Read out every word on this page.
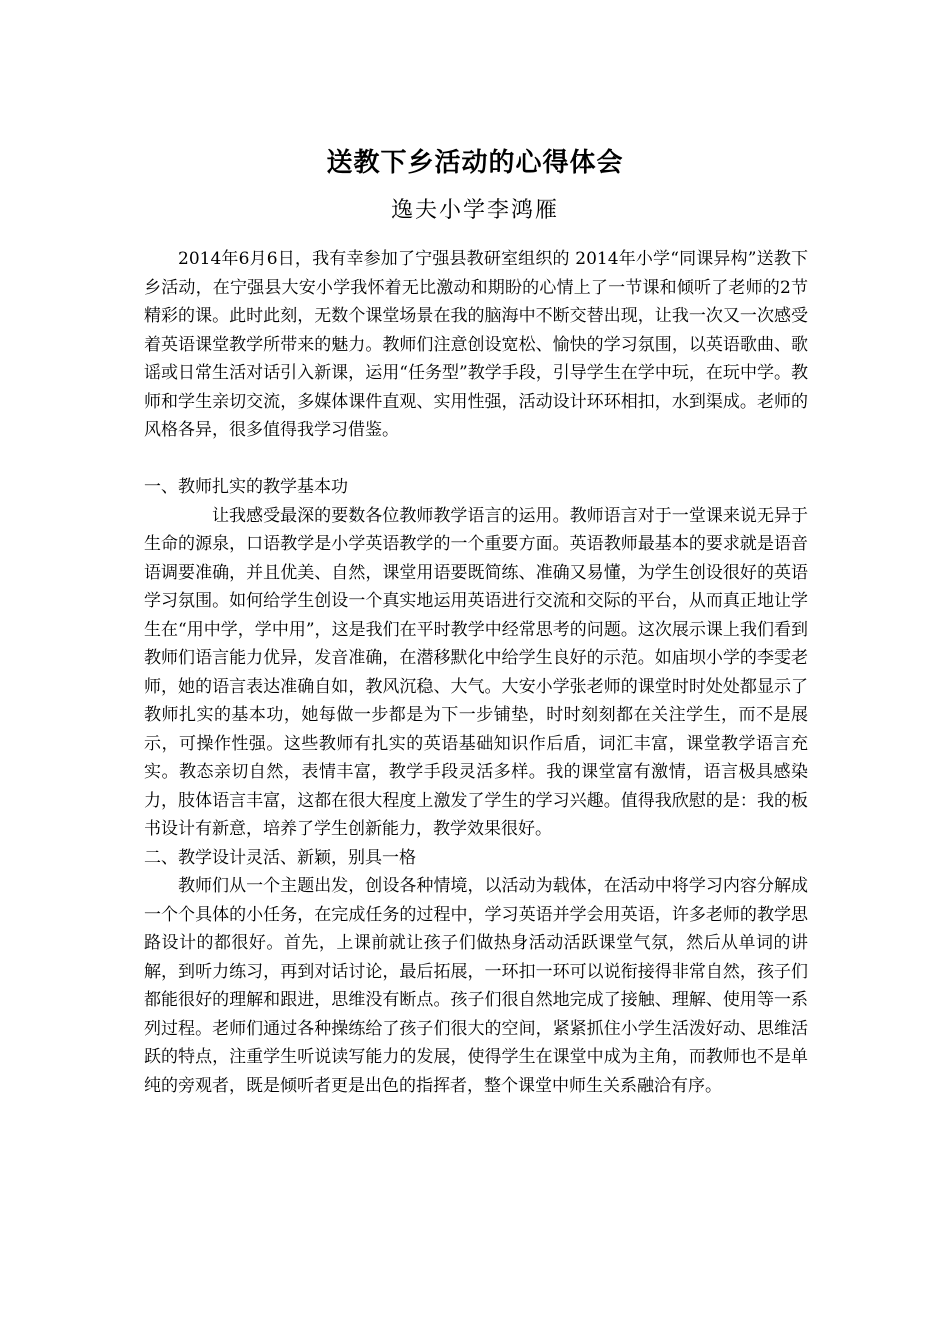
送教下乡活动的心得体会
逸夫小学李鸿雁

2014年6月6日，我有幸参加了宁强县教研室组织的 2014年小学“同课异构”送教下乡活动，在宁强县大安小学我怀着无比激动和期盼的心情上了一节课和倾听了老师的2节精彩的课。此时此刻，无数个课堂场景在我的脑海中不断交替出现，让我一次又一次感受着英语课堂教学所带来的魅力。教师们注意创设宽松、愉快的学习氛围，以英语歌曲、歌谣或日常生活对话引入新课，运用“任务型”教学手段，引导学生在学中玩，在玩中学。教师和学生亲切交流，多媒体课件直观、实用性强，活动设计环环相扣，水到渠成。老师的风格各异，很多值得我学习借鉴。

一、教师扎实的教学基本功

让我感受最深的要数各位教师教学语言的运用。教师语言对于一堂课来说无异于生命的源泉，口语教学是小学英语教学的一个重要方面。英语教师最基本的要求就是语音语调要准确，并且优美、自然，课堂用语要既简练、准确又易懂，为学生创设很好的英语学习氛围。如何给学生创设一个真实地运用英语进行交流和交际的平台，从而真正地让学生在“用中学，学中用”，这是我们在平时教学中经常思考的问题。这次展示课上我们看到教师们语言能力优异，发音准确，在潜移默化中给学生良好的示范。如庙坝小学的李雯老师，她的语言表达准确自如，教风沉稳、大气。大安小学张老师的课堂时时处处都显示了教师扎实的基本功，她每做一步都是为下一步铺垫，时时刻刻都在关注学生，而不是展示，可操作性强。这些教师有扎实的英语基础知识作后盾，词汇丰富，课堂教学语言充实。教态亲切自然，表情丰富，教学手段灵活多样。我的课堂富有激情，语言极具感染力，肢体语言丰富，这都在很大程度上激发了学生的学习兴趣。值得我欣慰的是：我的板书设计有新意，培养了学生创新能力，教学效果很好。

二、教学设计灵活、新颖，别具一格

教师们从一个主题出发，创设各种情境，以活动为载体，在活动中将学习内容分解成一个个具体的小任务，在完成任务的过程中，学习英语并学会用英语，许多老师的教学思路设计的都很好。首先，上课前就让孩子们做热身活动活跃课堂气氛，然后从单词的讲解，到听力练习，再到对话讨论，最后拓展，一环扣一环可以说衔接得非常自然，孩子们都能很好的理解和跟进，思维没有断点。孩子们很自然地完成了接触、理解、使用等一系列过程。老师们通过各种操练给了孩子们很大的空间，紧紧抓住小学生活泼好动、思维活跃的特点，注重学生听说读写能力的发展，使得学生在课堂中成为主角，而教师也不是单纯的旁观者，既是倾听者更是出色的指挥者，整个课堂中师生关系融洽有序。
